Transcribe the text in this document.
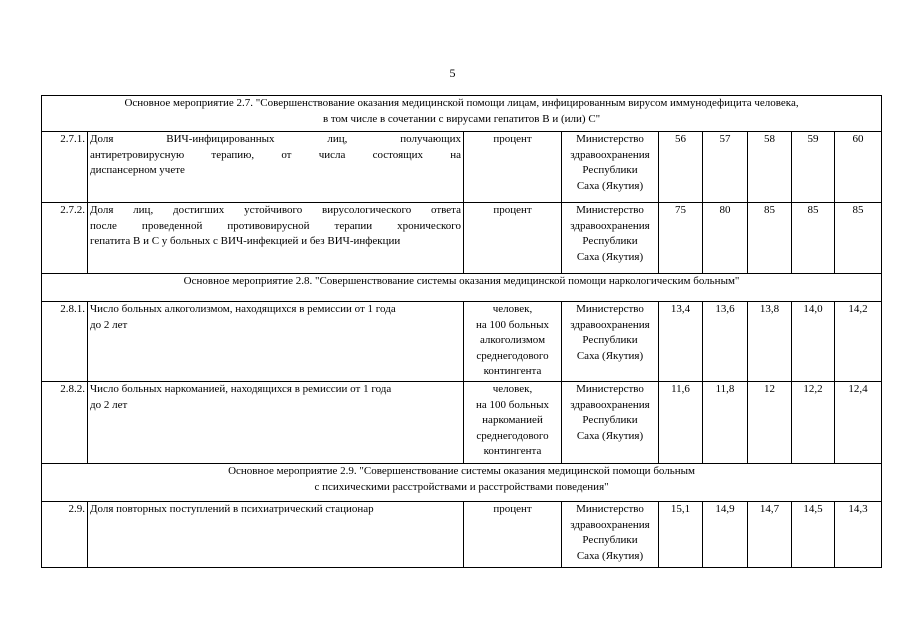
5
Основное мероприятие 2.7. "Совершенствование оказания медицинской помощи лицам, инфицированным вирусом иммунодефицита человека,
в том числе в сочетании с вирусами гепатитов В и (или) С"								

2.7.1.	Доля ВИЧ-инфицированных лиц, получающих
антиретровирусную терапию, от числа состоящих на
диспансерном учете	процент	Министерство
здравоохранения
Республики
Саха (Якутия)	56	57	58	59	60
2.7.2.	Доля лиц, достигших устойчивого вирусологического ответа
после проведенной противовирусной терапии хронического
гепатита В и С у больных с ВИЧ-инфекцией и без ВИЧ-инфекции	процент	Министерство
здравоохранения
Республики
Саха (Якутия)	75	80	85	85	85

Основное мероприятие 2.8. "Совершенствование системы оказания медицинской помощи наркологическим больным"								

2.8.1.	Число больных алкоголизмом, находящихся в ремиссии от 1 года
до 2 лет	человек,
на 100 больных
алкоголизмом
среднегодового
контингента	Министерство
здравоохранения
Республики
Саха (Якутия)	13,4	13,6	13,8	14,0	14,2
2.8.2.	Число больных наркоманией, находящихся в ремиссии от 1 года
до 2 лет	человек,
на 100 больных
наркоманией
среднегодового
контингента	Министерство
здравоохранения
Республики
Саха (Якутия)	11,6	11,8	12	12,2	12,4

Основное мероприятие 2.9. "Совершенствование системы оказания медицинской помощи больным
с психическими расстройствами и расстройствами поведения"								

2.9.	Доля повторных поступлений в психиатрический стационар	процент	Министерство
здравоохранения
Республики
Саха (Якутия)	15,1	14,9	14,7	14,5	14,3
